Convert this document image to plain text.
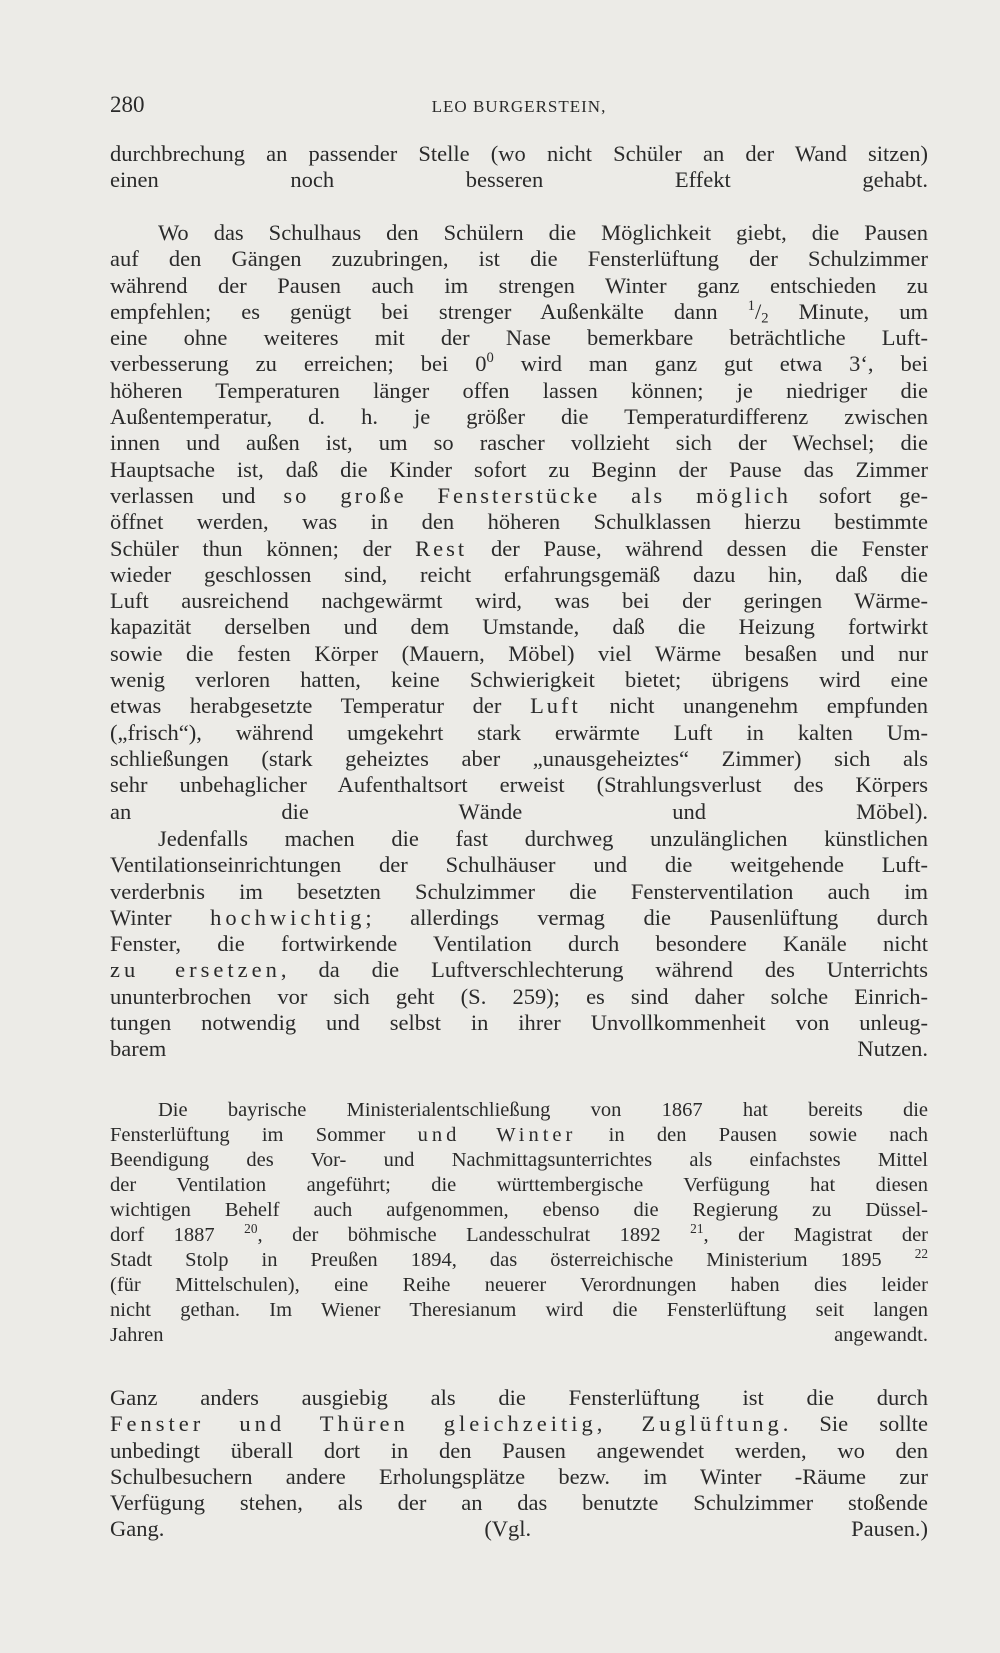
280	LEO BURGERSTEIN,

durchbrechung an passender Stelle (wo nicht Schüler an der Wand sitzen)
einen noch besseren Effekt gehabt.

Wo das Schulhaus den Schülern die Möglichkeit giebt, die Pausen
auf den Gängen zuzubringen, ist die Fensterlüftung der Schulzimmer
während der Pausen auch im strengen Winter ganz entschieden zu
empfehlen; es genügt bei strenger Außenkälte dann $^1/_2$ Minute, um
eine ohne weiteres mit der Nase bemerkbare beträchtliche Luft-
verbesserung zu erreichen; bei $0^0$ wird man ganz gut etwa 3‘, bei
höheren Temperaturen länger offen lassen können; je niedriger die
Außentemperatur, d. h. je größer die Temperaturdifferenz zwischen
innen und außen ist, um so rascher vollzieht sich der Wechsel; die
Hauptsache ist, daß die Kinder sofort zu Beginn der Pause das Zimmer
verlassen und so große Fensterstücke als möglich sofort ge-
öffnet werden, was in den höheren Schulklassen hierzu bestimmte
Schüler thun können; der Rest der Pause, während dessen die Fenster
wieder geschlossen sind, reicht erfahrungsgemäß dazu hin, daß die
Luft ausreichend nachgewärmt wird, was bei der geringen Wärme-
kapazität derselben und dem Umstande, daß die Heizung fortwirkt
sowie die festen Körper (Mauern, Möbel) viel Wärme besaßen und nur
wenig verloren hatten, keine Schwierigkeit bietet; übrigens wird eine
etwas herabgesetzte Temperatur der Luft nicht unangenehm empfunden
(„frisch“), während umgekehrt stark erwärmte Luft in kalten Um-
schließungen (stark geheiztes aber „unausgeheiztes“ Zimmer) sich als
sehr unbehaglicher Aufenthaltsort erweist (Strahlungsverlust des Körpers
an die Wände und Möbel).

Jedenfalls machen die fast durchweg unzulänglichen künstlichen
Ventilationseinrichtungen der Schulhäuser und die weitgehende Luft-
verderbnis im besetzten Schulzimmer die Fensterventilation auch im
Winter hochwichtig; allerdings vermag die Pausenlüftung durch
Fenster, die fortwirkende Ventilation durch besondere Kanäle nicht
zu ersetzen, da die Luftverschlechterung während des Unterrichts
ununterbrochen vor sich geht (S. 259); es sind daher solche Einrich-
tungen notwendig und selbst in ihrer Unvollkommenheit von unleug-
barem Nutzen.

Die bayrische Ministerialentschließung von 1867 hat bereits die
Fensterlüftung im Sommer und Winter in den Pausen sowie nach
Beendigung des Vor- und Nachmittagsunterrichtes als einfachstes Mittel
der Ventilation angeführt; die württembergische Verfügung hat diesen
wichtigen Behelf auch aufgenommen, ebenso die Regierung zu Düssel-
dorf 1887 $^{20}$, der böhmische Landesschulrat 1892 $^{21}$, der Magistrat der
Stadt Stolp in Preußen 1894, das österreichische Ministerium 1895 $^{22}$
(für Mittelschulen), eine Reihe neuerer Verordnungen haben dies leider
nicht gethan. Im Wiener Theresianum wird die Fensterlüftung seit langen
Jahren angewandt.

Ganz anders ausgiebig als die Fensterlüftung ist die durch
Fenster und Thüren gleichzeitig, Zuglüftung. Sie sollte
unbedingt überall dort in den Pausen angewendet werden, wo den
Schulbesuchern andere Erholungsplätze bezw. im Winter -Räume zur
Verfügung stehen, als der an das benutzte Schulzimmer stoßende
Gang. (Vgl. Pausen.)
